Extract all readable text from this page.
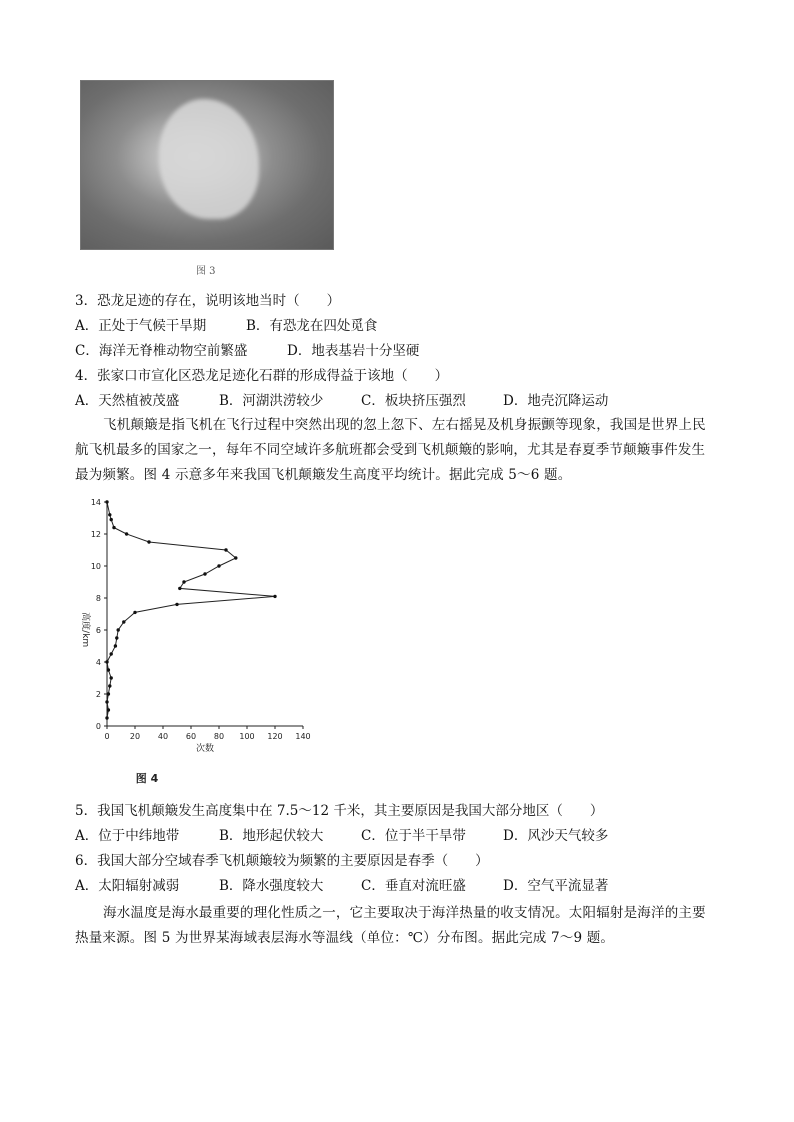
图 3
3．恐龙足迹的存在，说明该地当时（　　）
A．正处于气候干旱期	B．有恐龙在四处觅食
C．海洋无脊椎动物空前繁盛	D．地表基岩十分坚硬
4．张家口市宣化区恐龙足迹化石群的形成得益于该地（　　）
A．天然植被茂盛	B．河湖洪涝较少	C．板块挤压强烈	D．地壳沉降运动
飞机颠簸是指飞机在飞行过程中突然出现的忽上忽下、左右摇晃及机身振颤等现象，我国是世界上民
航飞机最多的国家之一，每年不同空域许多航班都会受到飞机颠簸的影响，尤其是春夏季节颠簸事件发生
最为频繁。图 4 示意多年来我国飞机颠簸发生高度平均统计。据此完成 5～6 题。
0	20 40 60 80 100 120 140
0
2
4
6
8
10
12
14
次数
高度/km
图 4
5．我国飞机颠簸发生高度集中在 7.5～12 千米，其主要原因是我国大部分地区（　　）
A．位于中纬地带	B．地形起伏较大	C．位于半干旱带	D．风沙天气较多
6．我国大部分空域春季飞机颠簸较为频繁的主要原因是春季（　　）
A．太阳辐射减弱	B．降水强度较大	C．垂直对流旺盛	D．空气平流显著
海水温度是海水最重要的理化性质之一，它主要取决于海洋热量的收支情况。太阳辐射是海洋的主要
热量来源。图 5 为世界某海域表层海水等温线（单位：℃）分布图。据此完成 7～9 题。
